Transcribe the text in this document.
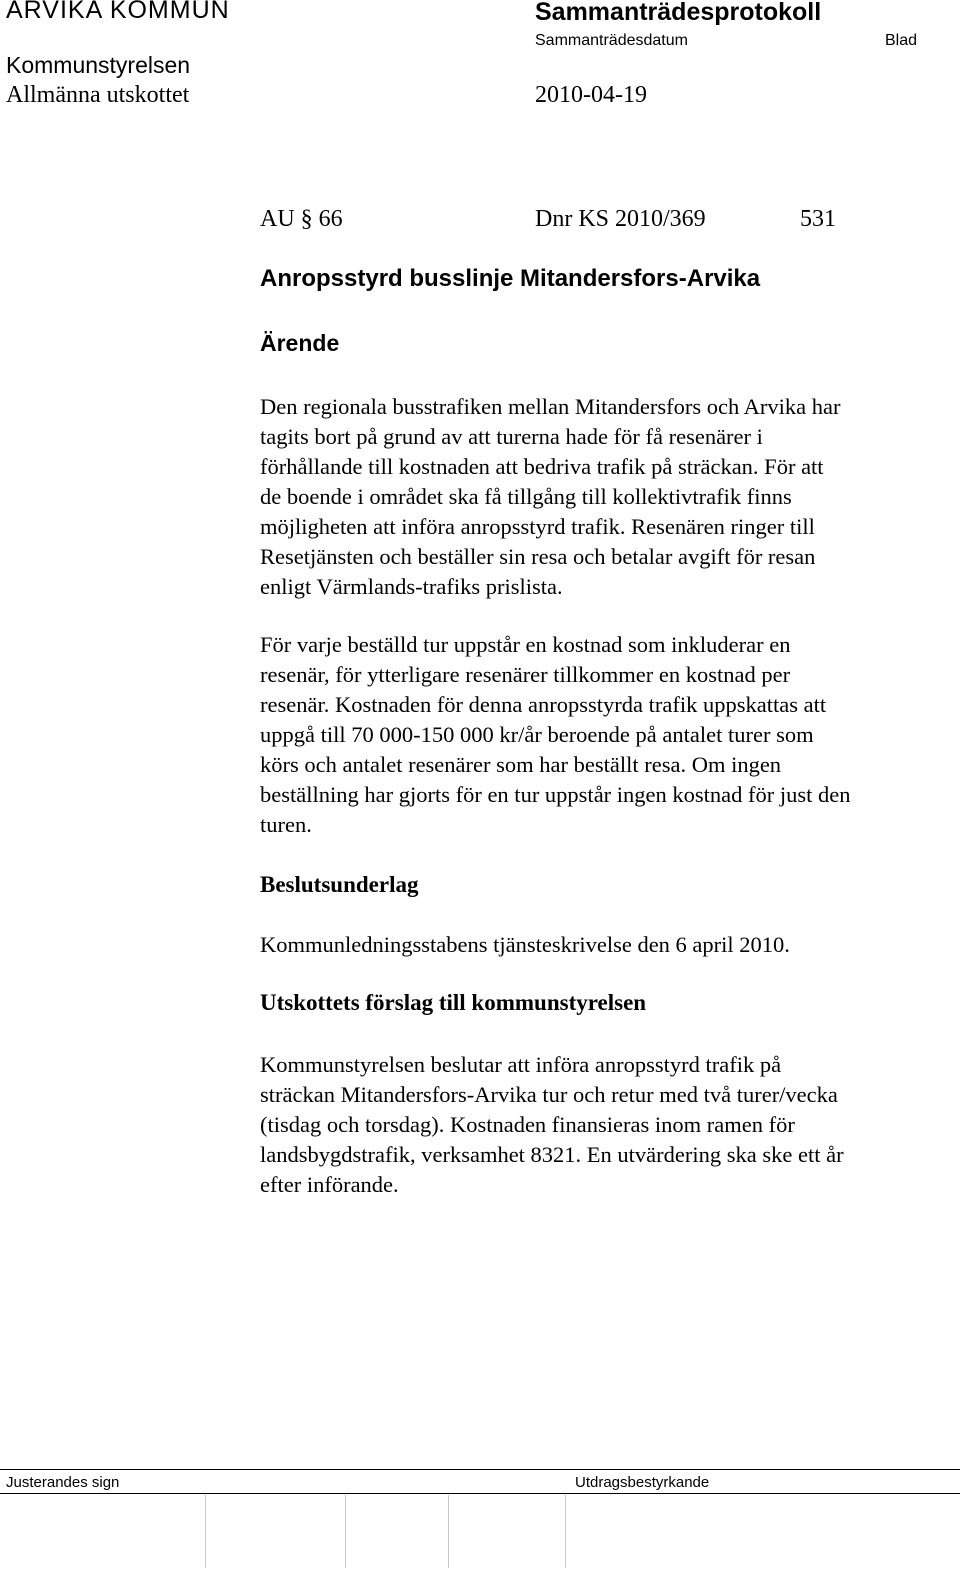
ARVIKA KOMMUN	Sammanträdesprotokoll
Sammanträdesdatum	Blad
Kommunstyrelsen
Allmänna utskottet	2010-04-19
AU § 66	Dnr KS 2010/369	531
Anropsstyrd busslinje Mitandersfors-Arvika
Ärende
Den regionala busstrafiken mellan Mitandersfors och Arvika har
tagits bort på grund av att turerna hade för få resenärer i
förhållande till kostnaden att bedriva trafik på sträckan. För att
de boende i området ska få tillgång till kollektivtrafik finns
möjligheten att införa anropsstyrd trafik. Resenären ringer till
Resetjänsten och beställer sin resa och betalar avgift för resan
enligt Värmlands-trafiks prislista.
För varje beställd tur uppstår en kostnad som inkluderar en
resenär, för ytterligare resenärer tillkommer en kostnad per
resenär. Kostnaden för denna anropsstyrda trafik uppskattas att
uppgå till 70 000-150 000 kr/år beroende på antalet turer som
körs och antalet resenärer som har beställt resa. Om ingen
beställning har gjorts för en tur uppstår ingen kostnad för just den
turen.
Beslutsunderlag
Kommunledningsstabens tjänsteskrivelse den 6 april 2010.
Utskottets förslag till kommunstyrelsen
Kommunstyrelsen beslutar att införa anropsstyrd trafik på
sträckan Mitandersfors-Arvika tur och retur med två turer/vecka
(tisdag och torsdag). Kostnaden finansieras inom ramen för
landsbygdstrafik, verksamhet 8321. En utvärdering ska ske ett år
efter införande.
Justerandes sign	Utdragsbestyrkande
